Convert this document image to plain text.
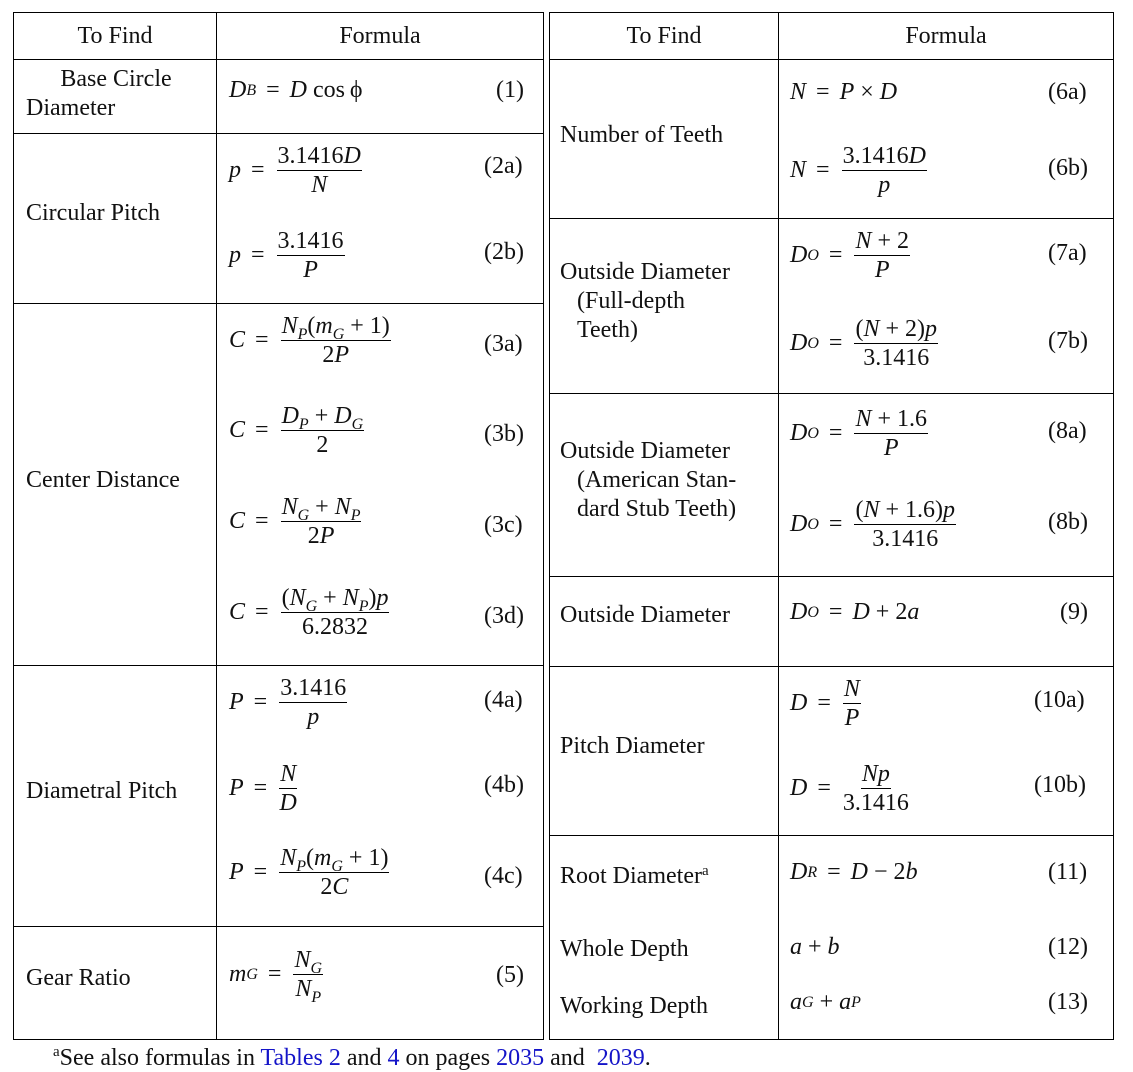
To Find	Formula
Base Circle
Diameter
D B = D cos ϕ	(1)
Circular Pitch
$p = \frac{3.1416D}{N}$	(2a)
$p = \frac{3.1416}{P}$	(2b)
Center Distance
$C = \frac{N_P(m_G + 1)}{2P}$	(3a)
$C = \frac{D_P + D_G}{2}$	(3b)
$C = \frac{N_G + N_P}{2P}$	(3c)
$C = \frac{(N_G + N_P)p}{6.2832}$	(3d)
Diametral Pitch
$P = \frac{3.1416}{p}$	(4a)
$P = \frac{N}{D}$	(4b)
$P = \frac{N_P(m_G + 1)}{2C}$	(4c)
Gear Ratio	m $G = \frac{N_G}{N_P}$	(5)
To Find	Formula
Number of Teeth
N = P × D	(6a)
$N = \frac{3.1416D}{p}$	(6b)
Outside Diameter
(Full-depth
Teeth)
D $O = \frac{N + 2}{P}$	(7a)
D $O = \frac{(N + 2)p}{3.1416}$	(7b)
Outside Diameter
(American Stan-
dard Stub Teeth)
D $O = \frac{N + 1.6}{P}$	(8a)
D $O = \frac{(N + 1.6)p}{3.1416}$	(8b)
Outside Diameter	D O = D + 2 a	(9)
Pitch Diameter
$D = \frac{N}{P}$	(10a)
$D = \frac{Np}{3.1416}$	(10b)
Root Diameter$^a$	D R = D − 2 b	(11)
Whole Depth	a + b	(12)
Working Depth	a G + a P	(13)
$^a$See also formulas in Tables 2 and 4 on pages 2035 and  2039.
